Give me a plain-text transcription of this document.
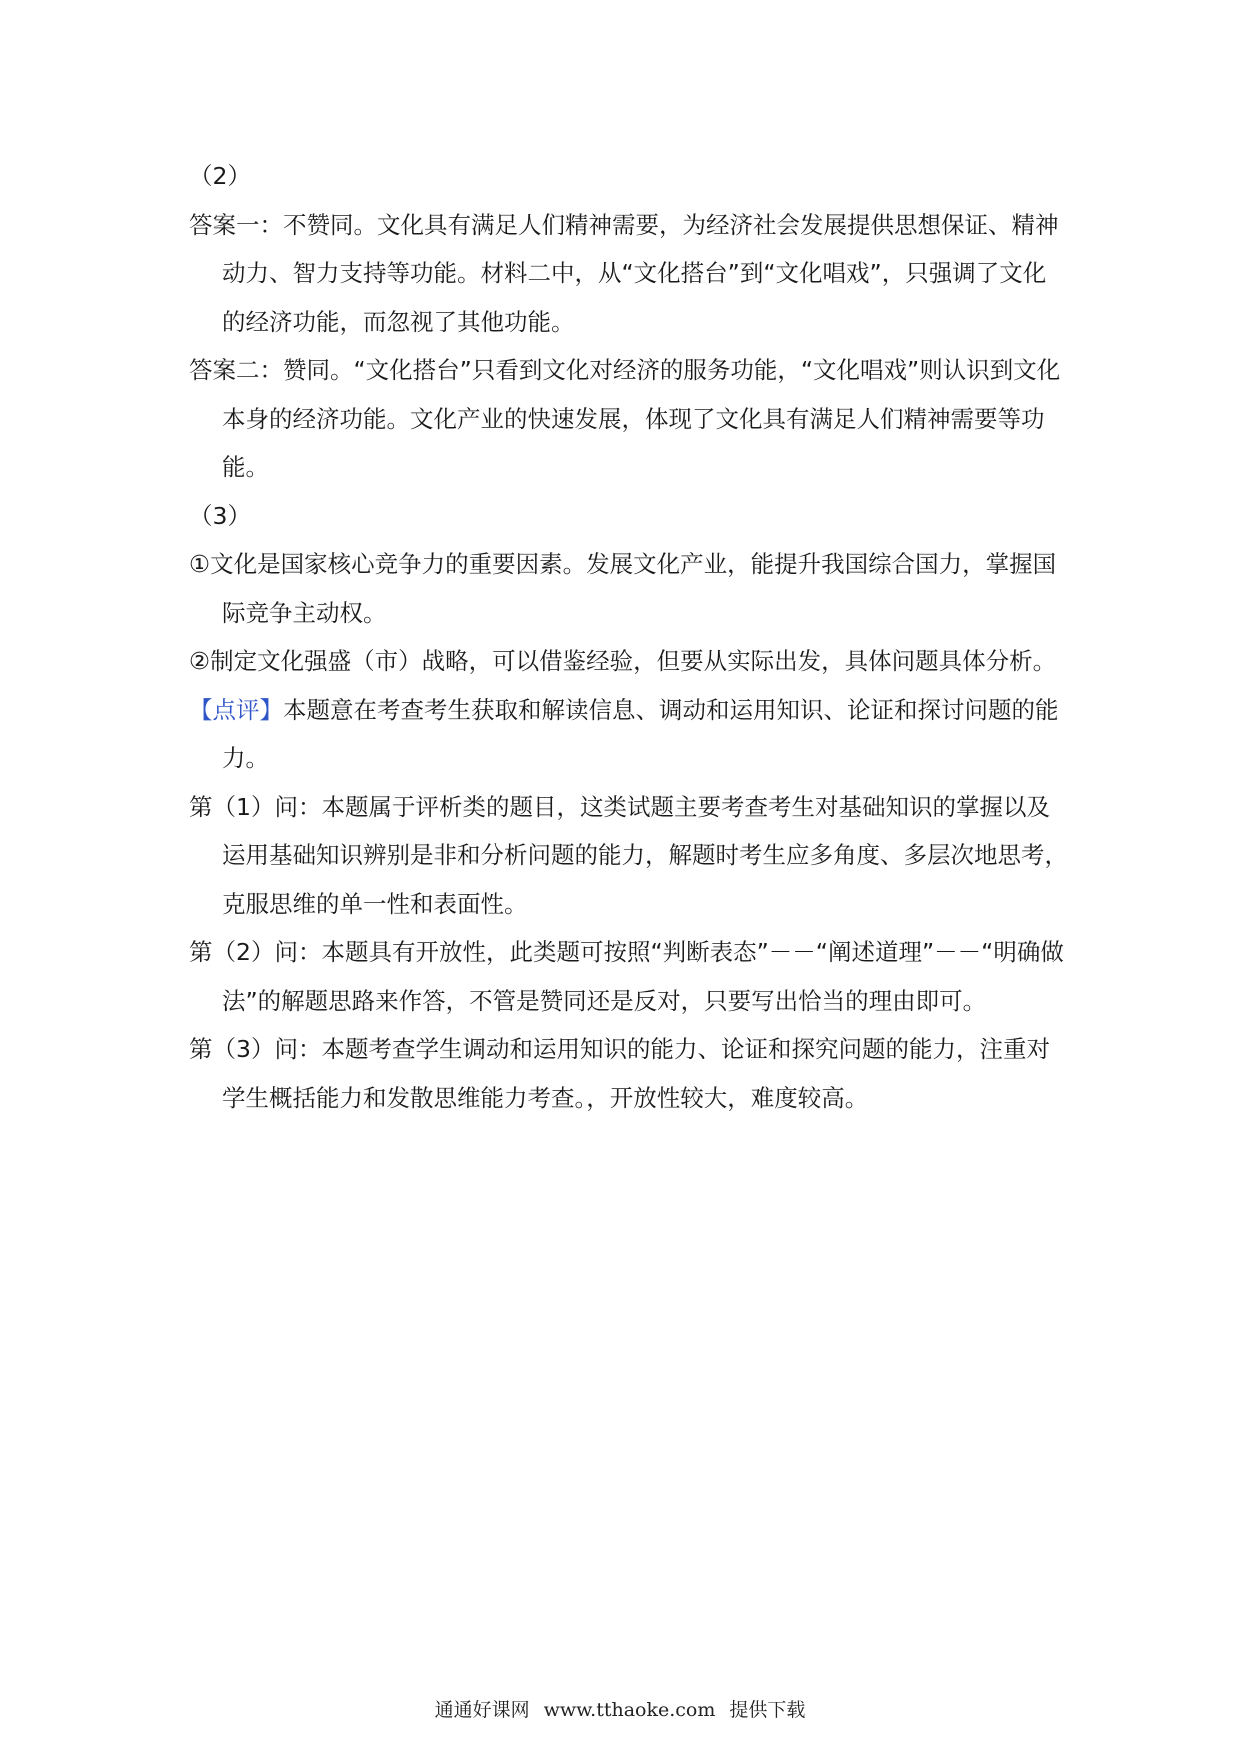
（2）

答案一：不赞同。文化具有满足人们精神需要，为经济社会发展提供思想保证、精神动力、智力支持等功能。材料二中，从“文化搭台”到“文化唱戏”，只强调了文化的经济功能，而忽视了其他功能。

答案二：赞同。“文化搭台”只看到文化对经济的服务功能，“文化唱戏”则认识到文化本身的经济功能。文化产业的快速发展，体现了文化具有满足人们精神需要等功能。

（3）

①文化是国家核心竞争力的重要因素。发展文化产业，能提升我国综合国力，掌握国际竞争主动权。

②制定文化强盛（市）战略，可以借鉴经验，但要从实际出发，具体问题具体分析。

【点评】本题意在考查考生获取和解读信息、调动和运用知识、论证和探讨问题的能力。

第（1）问：本题属于评析类的题目，这类试题主要考查考生对基础知识的掌握以及运用基础知识辨别是非和分析问题的能力，解题时考生应多角度、多层次地思考，克服思维的单一性和表面性。

第（2）问：本题具有开放性，此类题可按照“判断表态”－－“阐述道理”－－“明确做法”的解题思路来作答，不管是赞同还是反对，只要写出恰当的理由即可。

第（3）问：本题考查学生调动和运用知识的能力、论证和探究问题的能力，注重对学生概括能力和发散思维能力考查。，开放性较大，难度较高。

通通好课网 www.tthaoke.com 提供下载
